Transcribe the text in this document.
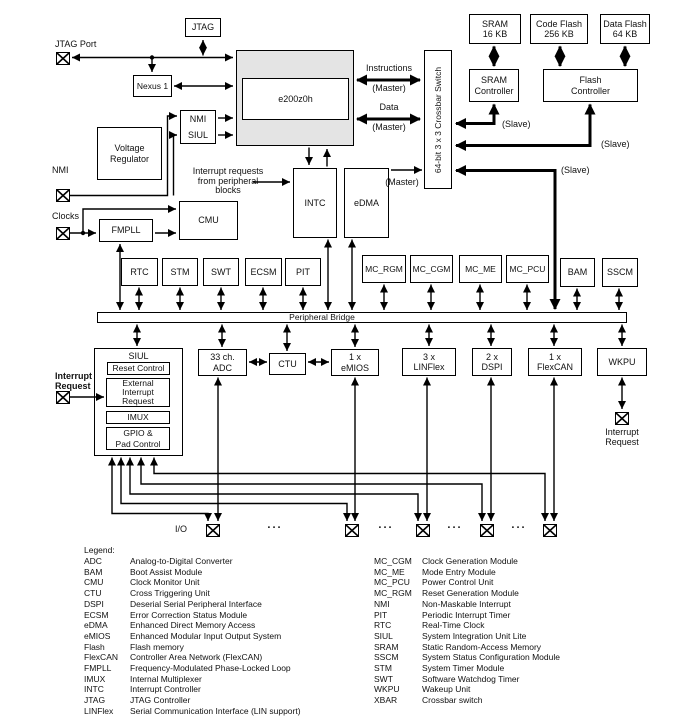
JTAG Port
JTAG
Nexus 1
e200z0h
NMI
SIUL
Voltage
Regulator	64-bit 3 x 3 Crossbar Switch
SRAM
16 KB
Code Flash
256 KB
Data Flash
64 KB
SRAM
Controller
Flash
Controller
INTC	eDMA
FMPLL
CMU
RTC	STM	SWT	ECSM	PIT	MC_RGM	MC_CGM	MC_ME	MC_PCU	BAM	SSCM
Peripheral Bridge
SIUL
Reset Control
External
Interrupt
Request
IMUX
GPIO &
Pad Control
33 ch.
ADC	CTU
1 x
eMIOS
3 x
LINFlex
2 x
DSPI
1 x
FlexCAN
WKPU
NMI
Clocks
Instructions
(Master)
Data
(Master)
(Master)
(Slave)
(Slave)
(Slave)
Interrupt requests
from peripheral
blocks
Interrupt
Request
Interrupt
Request
I/O	...	...	...	...
Legend:
ADC	Analog-to-Digital Converter
BAM	Boot Assist Module
CMU	Clock Monitor Unit
CTU	Cross Triggering Unit
DSPI	Deserial Serial Peripheral Interface
ECSM	Error Correction Status Module
eDMA	Enhanced Direct Memory Access
eMIOS	Enhanced Modular Input Output System
Flash	Flash memory
FlexCAN	Controller Area Network (FlexCAN)
FMPLL	Frequency-Modulated Phase-Locked Loop
IMUX	Internal Multiplexer
INTC	Interrupt Controller
JTAG	JTAG Controller
LINFlex	Serial Communication Interface (LIN support)
MC_CGM	Clock Generation Module
MC_ME	Mode Entry Module
MC_PCU	Power Control Unit
MC_RGM	Reset Generation Module
NMI	Non-Maskable Interrupt
PIT	Periodic Interrupt Timer
RTC	Real-Time Clock
SIUL	System Integration Unit Lite
SRAM	Static Random-Access Memory
SSCM	System Status Configuration Module
STM	System Timer Module
SWT	Software Watchdog Timer
WKPU	Wakeup Unit
XBAR	Crossbar switch
